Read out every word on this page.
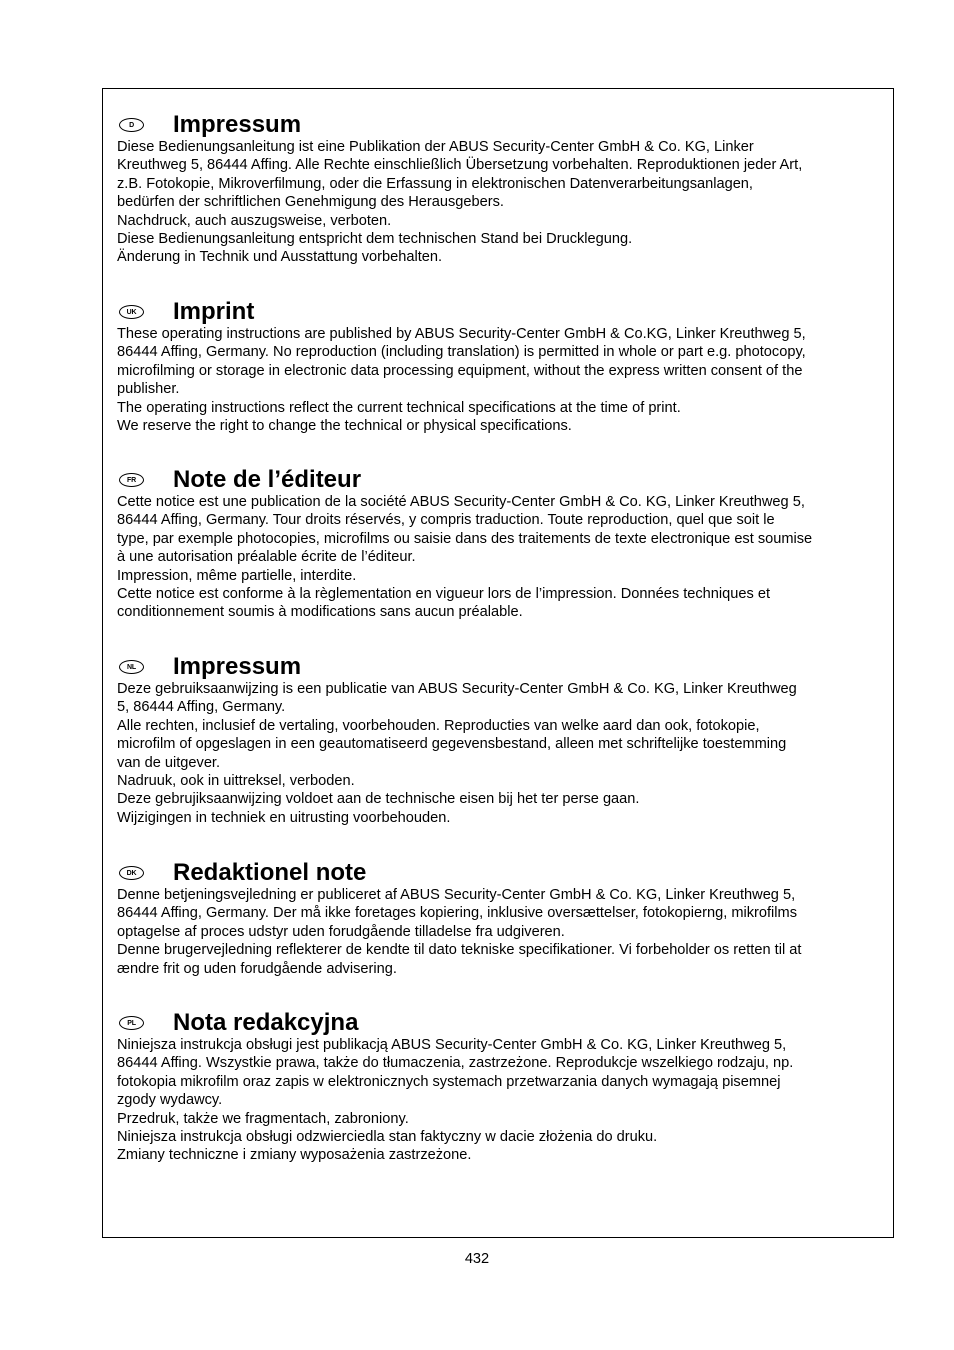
D	Impressum
Diese Bedienungsanleitung ist eine Publikation der ABUS Security-Center GmbH & Co. KG, Linker
Kreuthweg 5, 86444 Affing. Alle Rechte einschließlich Übersetzung vorbehalten. Reproduktionen jeder Art,
z.B. Fotokopie, Mikroverfilmung, oder die Erfassung in elektronischen Datenverarbeitungsanlagen,
bedürfen der schriftlichen Genehmigung des Herausgebers.
Nachdruck, auch auszugsweise, verboten.
Diese Bedienungsanleitung entspricht dem technischen Stand bei Drucklegung.
Änderung in Technik und Ausstattung vorbehalten.
UK	Imprint
These operating instructions are published by ABUS Security-Center GmbH & Co.KG, Linker Kreuthweg 5,
86444 Affing, Germany. No reproduction (including translation) is permitted in whole or part e.g. photocopy,
microfilming or storage in electronic data processing equipment, without the express written consent of the
publisher.
The operating instructions reflect the current technical specifications at the time of print.
We reserve the right to change the technical or physical specifications.
FR	Note de l’éditeur
Cette notice est une publication de la société ABUS Security-Center GmbH & Co. KG, Linker Kreuthweg 5,
86444 Affing, Germany. Tour droits réservés, y compris traduction. Toute reproduction, quel que soit le
type, par exemple photocopies, microfilms ou saisie dans des traitements de texte electronique est soumise
à une autorisation préalable écrite de l’éditeur.
Impression, même partielle, interdite.
Cette notice est conforme à la règlementation en vigueur lors de l’impression. Données techniques et
conditionnement soumis à modifications sans aucun préalable.
NL	Impressum
Deze gebruiksaanwijzing is een publicatie van ABUS Security-Center GmbH & Co. KG, Linker Kreuthweg
5, 86444 Affing, Germany.
Alle rechten, inclusief de vertaling, voorbehouden. Reproducties van welke aard dan ook, fotokopie,
microfilm of opgeslagen in een geautomatiseerd gegevensbestand, alleen met schriftelijke toestemming
van de uitgever.
Nadruuk, ook in uittreksel, verboden.
Deze gebrujiksaanwijzing voldoet aan de technische eisen bij het ter perse gaan.
Wijzigingen in techniek en uitrusting voorbehouden.
DK	Redaktionel note
Denne betjeningsvejledning er publiceret af ABUS Security-Center GmbH & Co. KG, Linker Kreuthweg 5,
86444 Affing, Germany. Der må ikke foretages kopiering, inklusive oversættelser, fotokopierng, mikrofilms
optagelse af proces udstyr uden forudgående tilladelse fra udgiveren.
Denne brugervejledning reflekterer de kendte til dato tekniske specifikationer. Vi forbeholder os retten til at
ændre frit og uden forudgående advisering.
PL	Nota redakcyjna
Niniejsza instrukcja obsługi jest publikacją ABUS Security-Center GmbH & Co. KG, Linker Kreuthweg 5,
86444 Affing. Wszystkie prawa, także do tłumaczenia, zastrzeżone. Reprodukcje wszelkiego rodzaju, np.
fotokopia mikrofilm oraz zapis w elektronicznych systemach przetwarzania danych wymagają pisemnej
zgody wydawcy.
Przedruk, także we fragmentach, zabroniony.
Niniejsza instrukcja obsługi odzwierciedla stan faktyczny w dacie złożenia do druku.
Zmiany techniczne i zmiany wyposażenia zastrzeżone.
432
